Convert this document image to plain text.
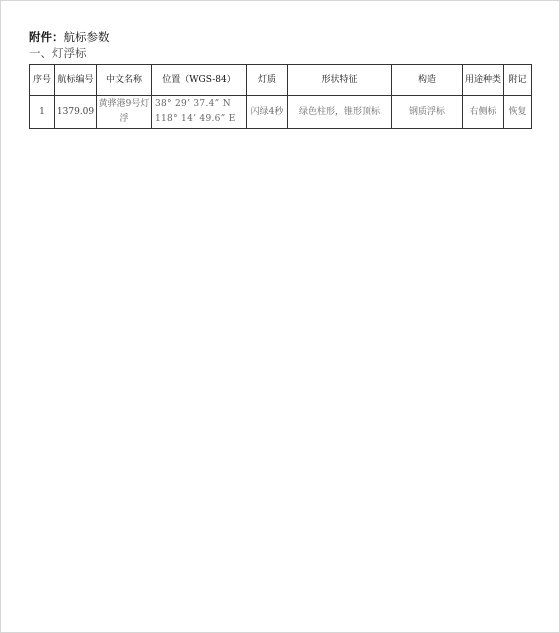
附件：航标参数
一、灯浮标
序号	航标编号	中文名称	位置（WGS-84）	灯质	形状特征	构造	用途种类	附记
1	1379.09	黄骅港9号灯浮	38° 29’ 37.4” N
118° 14’ 49.6” E	闪绿4秒	绿色柱形，锥形顶标	钢质浮标	右侧标	恢复
